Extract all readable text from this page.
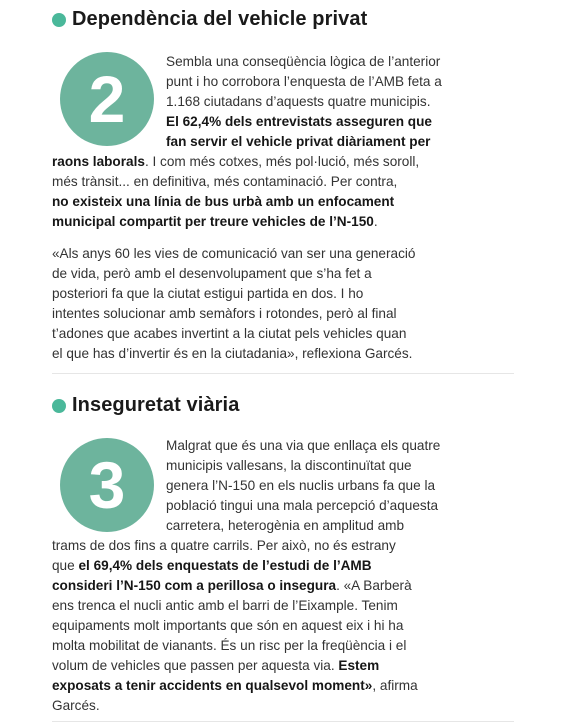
Dependència del vehicle privat
2
Sembla una conseqüència lògica de l’anterior
punt i ho corrobora l’enquesta de l’AMB feta a
1.168 ciutadans d’aquests quatre municipis.
El 62,4% dels entrevistats asseguren que
fan servir el vehicle privat diàriament per
raons laborals. I com més cotxes, més pol·lució, més soroll,
més trànsit... en definitiva, més contaminació. Per contra,
no existeix una línia de bus urbà amb un enfocament
municipal compartit per treure vehicles de l’N-150.
«Als anys 60 les vies de comunicació van ser una generació
de vida, però amb el desenvolupament que s’ha fet a
posteriori fa que la ciutat estigui partida en dos. I ho
intentes solucionar amb semàfors i rotondes, però al final
t’adones que acabes invertint a la ciutat pels vehicles quan
el que has d’invertir és en la ciutadania», reflexiona Garcés.
Inseguretat viària
3
Malgrat que és una via que enllaça els quatre
municipis vallesans, la discontinuïtat que
genera l’N-150 en els nuclis urbans fa que la
població tingui una mala percepció d’aquesta
carretera, heterogènia en amplitud amb
trams de dos fins a quatre carrils. Per això, no és estrany
que el 69,4% dels enquestats de l’estudi de l’AMB
consideri l’N-150 com a perillosa o insegura. «A Barberà
ens trenca el nucli antic amb el barri de l’Eixample. Tenim
equipaments molt importants que són en aquest eix i hi ha
molta mobilitat de vianants. És un risc per la freqüència i el
volum de vehicles que passen per aquesta via. Estem
exposats a tenir accidents en qualsevol moment», afirma
Garcés.
